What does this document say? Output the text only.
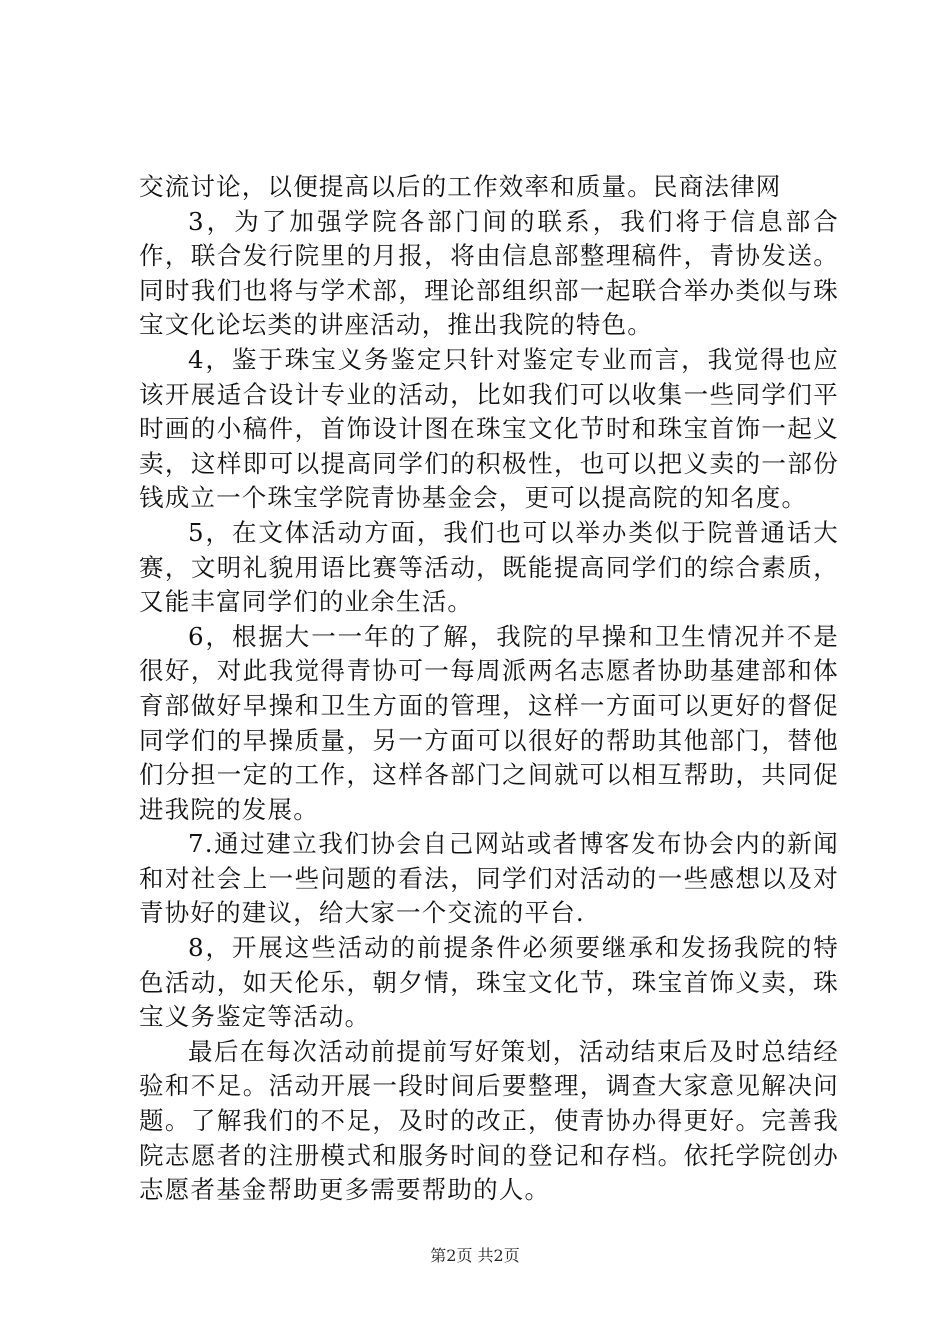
交流讨论，以便提高以后的工作效率和质量。民商法律网

3，为了加强学院各部门间的联系，我们将于信息部合作，联合发行院里的月报，将由信息部整理稿件，青协发送。同时我们也将与学术部，理论部组织部一起联合举办类似与珠宝文化论坛类的讲座活动，推出我院的特色。

4，鉴于珠宝义务鉴定只针对鉴定专业而言，我觉得也应该开展适合设计专业的活动，比如我们可以收集一些同学们平时画的小稿件，首饰设计图在珠宝文化节时和珠宝首饰一起义卖，这样即可以提高同学们的积极性，也可以把义卖的一部份钱成立一个珠宝学院青协基金会，更可以提高院的知名度。

5，在文体活动方面，我们也可以举办类似于院普通话大赛，文明礼貌用语比赛等活动，既能提高同学们的综合素质，又能丰富同学们的业余生活。

6，根据大一一年的了解，我院的早操和卫生情况并不是很好，对此我觉得青协可一每周派两名志愿者协助基建部和体育部做好早操和卫生方面的管理，这样一方面可以更好的督促同学们的早操质量，另一方面可以很好的帮助其他部门，替他们分担一定的工作，这样各部门之间就可以相互帮助，共同促进我院的发展。

7.通过建立我们协会自己网站或者博客发布协会内的新闻和对社会上一些问题的看法，同学们对活动的一些感想以及对青协好的建议，给大家一个交流的平台.

8，开展这些活动的前提条件必须要继承和发扬我院的特色活动，如天伦乐，朝夕情，珠宝文化节，珠宝首饰义卖，珠宝义务鉴定等活动。

最后在每次活动前提前写好策划，活动结束后及时总结经验和不足。活动开展一段时间后要整理，调查大家意见解决问题。了解我们的不足，及时的改正，使青协办得更好。完善我院志愿者的注册模式和服务时间的登记和存档。依托学院创办志愿者基金帮助更多需要帮助的人。

第2页 共2页
